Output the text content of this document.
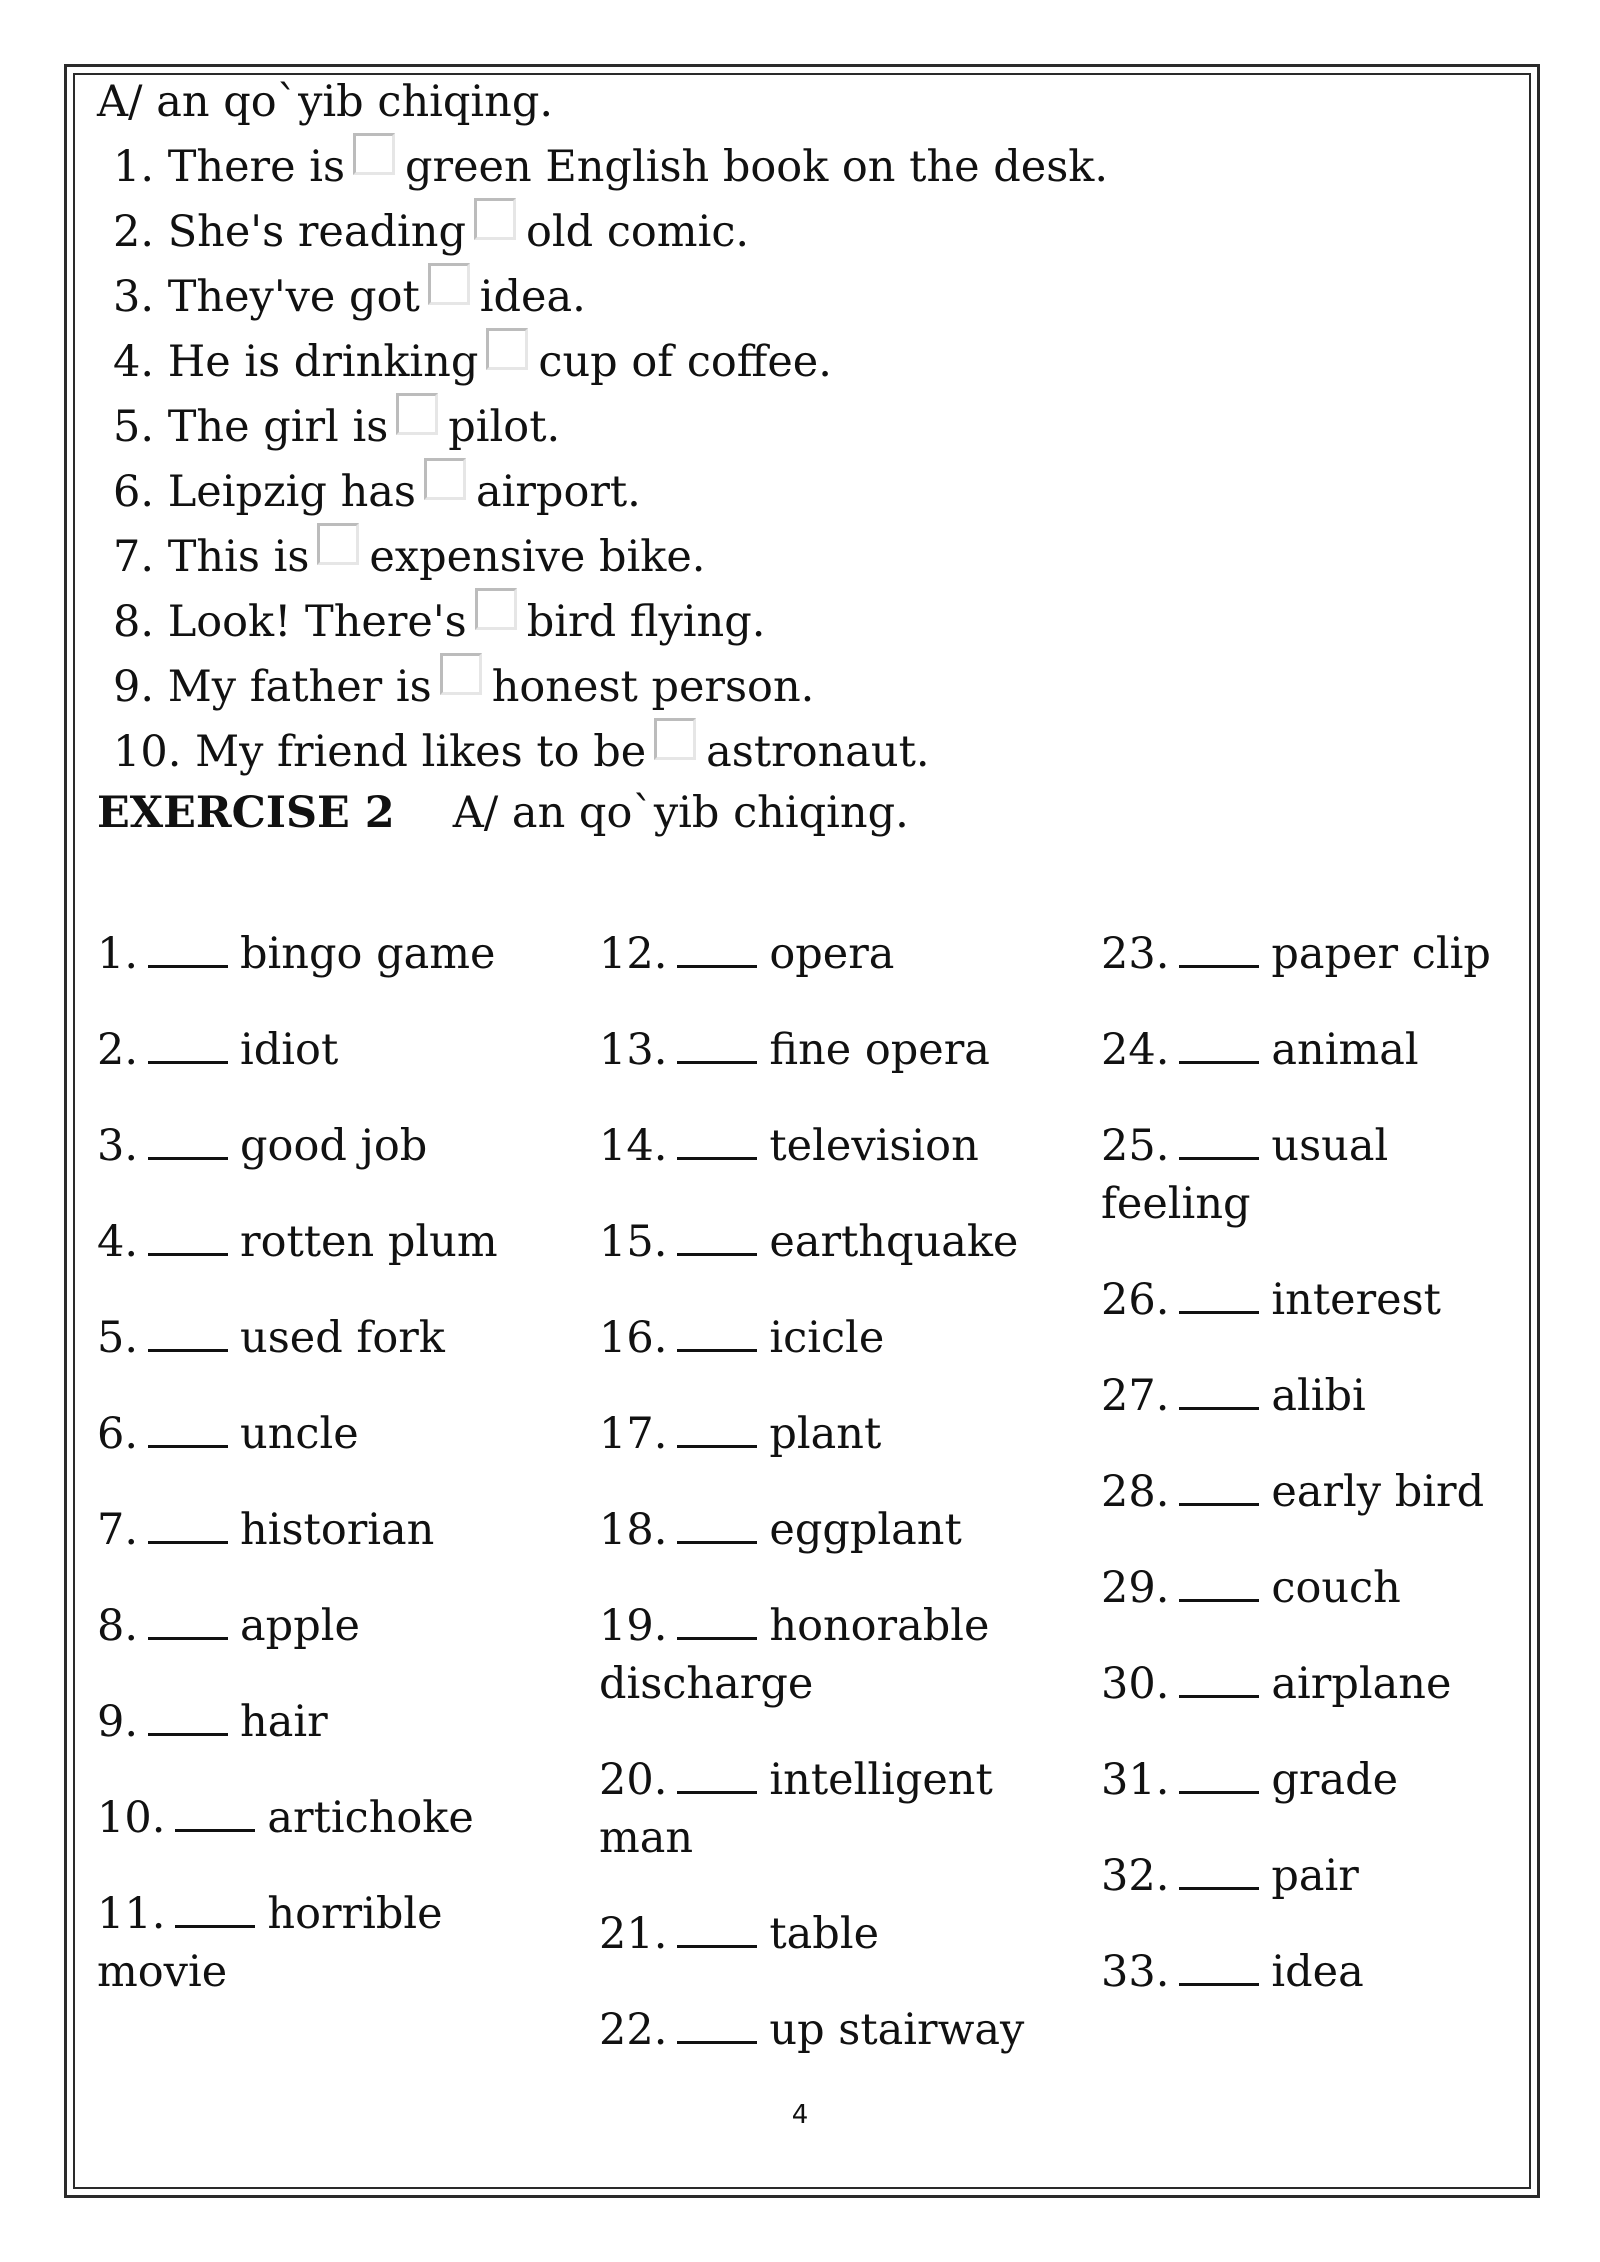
A/ an qo`yib chiqing.
1. There is green English book on the desk.
2. She's reading old comic.
3. They've got idea.
4. He is drinking cup of coffee.
5. The girl is pilot.
6. Leipzig has airport.
7. This is expensive bike.
8. Look! There's bird flying.
9. My father is honest person.
10. My friend likes to be astronaut.
EXERCISE 2 A/ an qo`yib chiqing.
1. bingo game
2. idiot
3. good job
4. rotten plum
5. used fork
6. uncle
7. historian
8. apple
9. hair
10. artichoke
11. horrible
movie
12. opera
13. fine opera
14. television
15. earthquake
16. icicle
17. plant
18. eggplant
19. honorable
discharge
20. intelligent
man
21. table
22. up stairway
23. paper clip
24. animal
25. usual
feeling
26. interest
27. alibi
28. early bird
29. couch
30. airplane
31. grade
32. pair
33. idea
4
